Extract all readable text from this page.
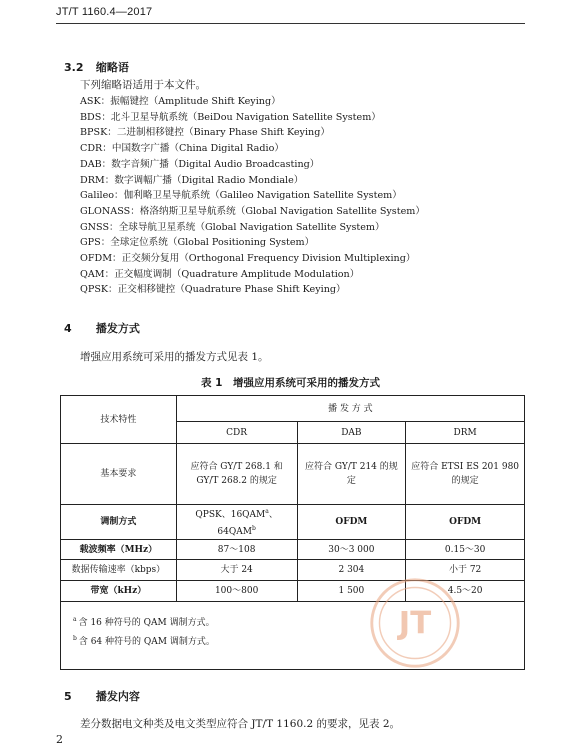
JT/T 1160.4—2017
3.2 缩略语
下列缩略语适用于本文件。
ASK：振幅键控（Amplitude Shift Keying）
BDS：北斗卫星导航系统（BeiDou Navigation Satellite System）
BPSK：二进制相移键控（Binary Phase Shift Keying）
CDR：中国数字广播（China Digital Radio）
DAB：数字音频广播（Digital Audio Broadcasting）
DRM：数字调幅广播（Digital Radio Mondiale）
Galileo：伽利略卫星导航系统（Galileo Navigation Satellite System）
GLONASS：格洛纳斯卫星导航系统（Global Navigation Satellite System）
GNSS：全球导航卫星系统（Global Navigation Satellite System）
GPS：全球定位系统（Global Positioning System）
OFDM：正交频分复用（Orthogonal Frequency Division Multiplexing）
QAM：正交幅度调制（Quadrature Amplitude Modulation）
QPSK：正交相移键控（Quadrature Phase Shift Keying）
4 播发方式
增强应用系统可采用的播发方式见表 1。
表 1　增强应用系统可采用的播发方式
技术特性	播 发 方 式		
	CDR	DAB	DRM
基本要求	应符合 GY/T 268.1 和 GY/T 268.2 的规定	应符合 GY/T 214 的规定	应符合 ETSI ES 201 980 的规定
调制方式	QPSK、16QAM$^a$、64QAM$^b$	OFDM	OFDM
载波频率（MHz）	87～108	30～3 000	0.15～30
数据传输速率（kbps）	大于 24	2 304	小于 72
带宽（kHz）	100～800	1 500	4.5～20

$^a$ 含 16 种符号的 QAM 调制方式。
$^b$ 含 64 种符号的 QAM 调制方式。			
JT
5 播发内容
差分数据电文种类及电文类型应符合 JT/T 1160.2 的要求，见表 2。
2
